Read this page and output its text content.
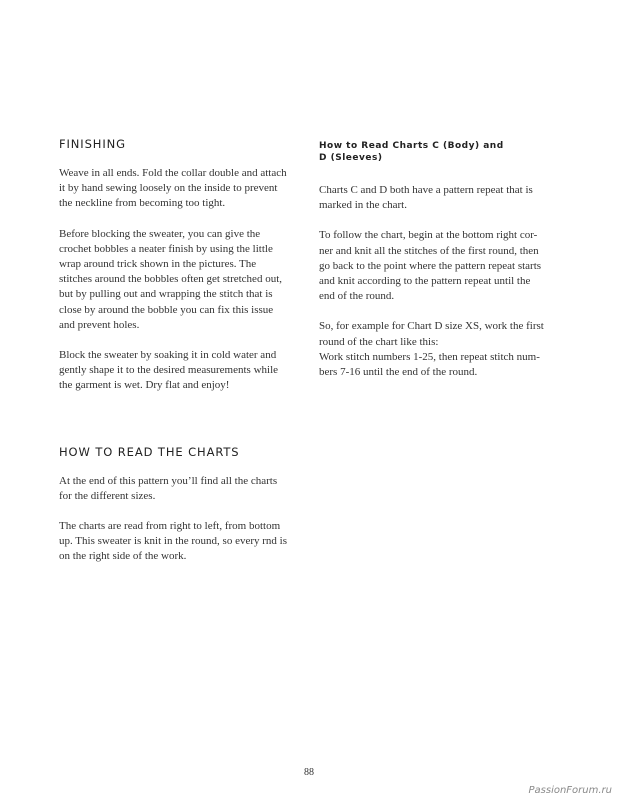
FINISHING

Weave in all ends. Fold the collar double and attach
it by hand sewing loosely on the inside to prevent
the neckline from becoming too tight.

Before blocking the sweater, you can give the
crochet bobbles a neater finish by using the little
wrap around trick shown in the pictures. The
stitches around the bobbles often get stretched out,
but by pulling out and wrapping the stitch that is
close by around the bobble you can fix this issue
and prevent holes.

Block the sweater by soaking it in cold water and
gently shape it to the desired measurements while
the garment is wet. Dry flat and enjoy!

HOW TO READ THE CHARTS

At the end of this pattern you’ll find all the charts
for the different sizes.

The charts are read from right to left, from bottom
up. This sweater is knit in the round, so every rnd is
on the right side of the work.

How to Read Charts C (Body) and
D (Sleeves)

Charts C and D both have a pattern repeat that is
marked in the chart.

To follow the chart, begin at the bottom right cor-
ner and knit all the stitches of the first round, then
go back to the point where the pattern repeat starts
and knit according to the pattern repeat until the
end of the round.

So, for example for Chart D size XS, work the first
round of the chart like this:
Work stitch numbers 1-25, then repeat stitch num-
bers 7-16 until the end of the round.

88
PassionForum.ru
